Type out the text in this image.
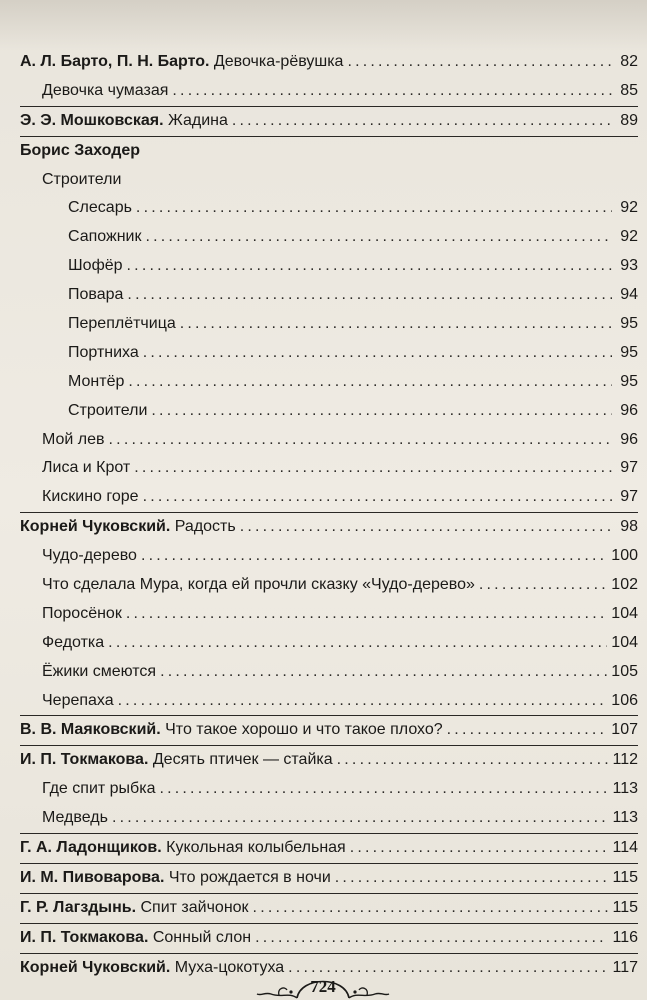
А. Л. Барто, П. Н. Барто. Девочка-рёвушка .....	82
Девочка чумазая .....	85
Э. Э. Мошковская. Жадина .....	89
Борис Заходер
Строители
Слесарь .....	92
Сапожник .....	92
Шофёр .....	93
Повара .....	94
Переплётчица .....	95
Портниха .....	95
Монтёр .....	95
Строители .....	96
Мой лев .....	96
Лиса и Крот .....	97
Кискино горе .....	97
Корней Чуковский. Радость .....	98
Чудо-дерево .....	100
Что сделала Мура, когда ей прочли сказку «Чудо-дерево» .....	102
Поросёнок .....	104
Федотка .....	104
Ёжики смеются .....	105
Черепаха .....	106
В. В. Маяковский. Что такое хорошо и что такое плохо? .....	107
И. П. Токмакова. Десять птичек — стайка .....	112
Где спит рыбка .....	113
Медведь .....	113
Г. А. Ладонщиков. Кукольная колыбельная .....	114
И. М. Пивоварова. Что рождается в ночи .....	115
Г. Р. Лагздынь. Спит зайчонок .....	115
И. П. Токмакова. Сонный слон .....	116
Корней Чуковский. Муха-цокотуха .....	117
724
